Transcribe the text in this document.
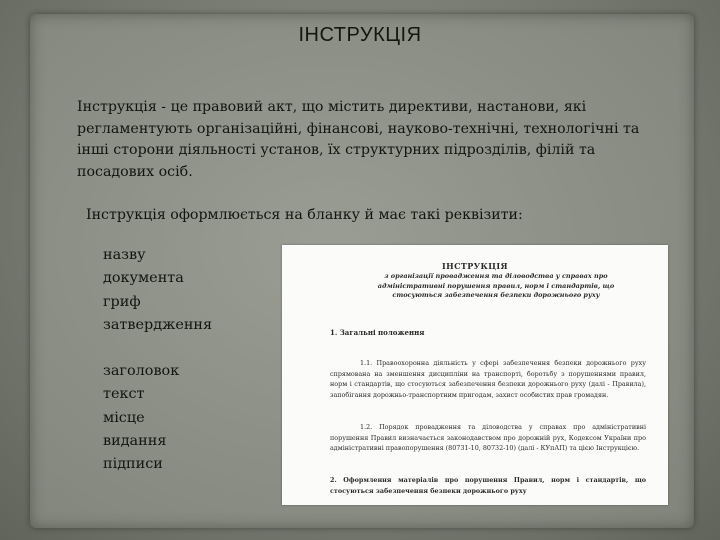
ІНСТРУКЦІЯ
Інструкція - це правовий акт, що містить директиви, настанови, які регламентують організаційні, фінансові, науково-технічні, технологічні та інші сторони діяльності установ, їх структурних підрозділів, філій та посадових осіб.
Інструкція оформлюється на бланку й має такі реквізити:
назву
документа
гриф
затвердження
заголовок
текст
місце
видання
підписи
ІНСТРУКЦІЯ
з організації провадження та діловодства у справах про адміністративні порушення правил, норм і стандартів, що стосуються забезпечення безпеки дорожнього руху
1. Загальні положення
1.1. Правоохоронна діяльність у сфері забезпечення безпеки дорожнього руху спрямована на зменшення дисципліни на транспорті, боротьбу з порушеннями правил, норм і стандартів, що стосуються забезпечення безпеки дорожнього руху (далі - Правила), запобігання дорожньо-транспортним пригодам, захист особистих прав громадян.
1.2. Порядок провадження та діловодства у справах про адміністративні порушення Правил визначається законодавством про дорожній рух, Кодексом України про адміністративні правопорушення (80731-10, 80732-10) (далі - КУпАП) та цією Інструкцією.
2. Оформлення матеріалів про порушення Правил, норм і стандартів, що стосуються забезпечення безпеки дорожнього руху
